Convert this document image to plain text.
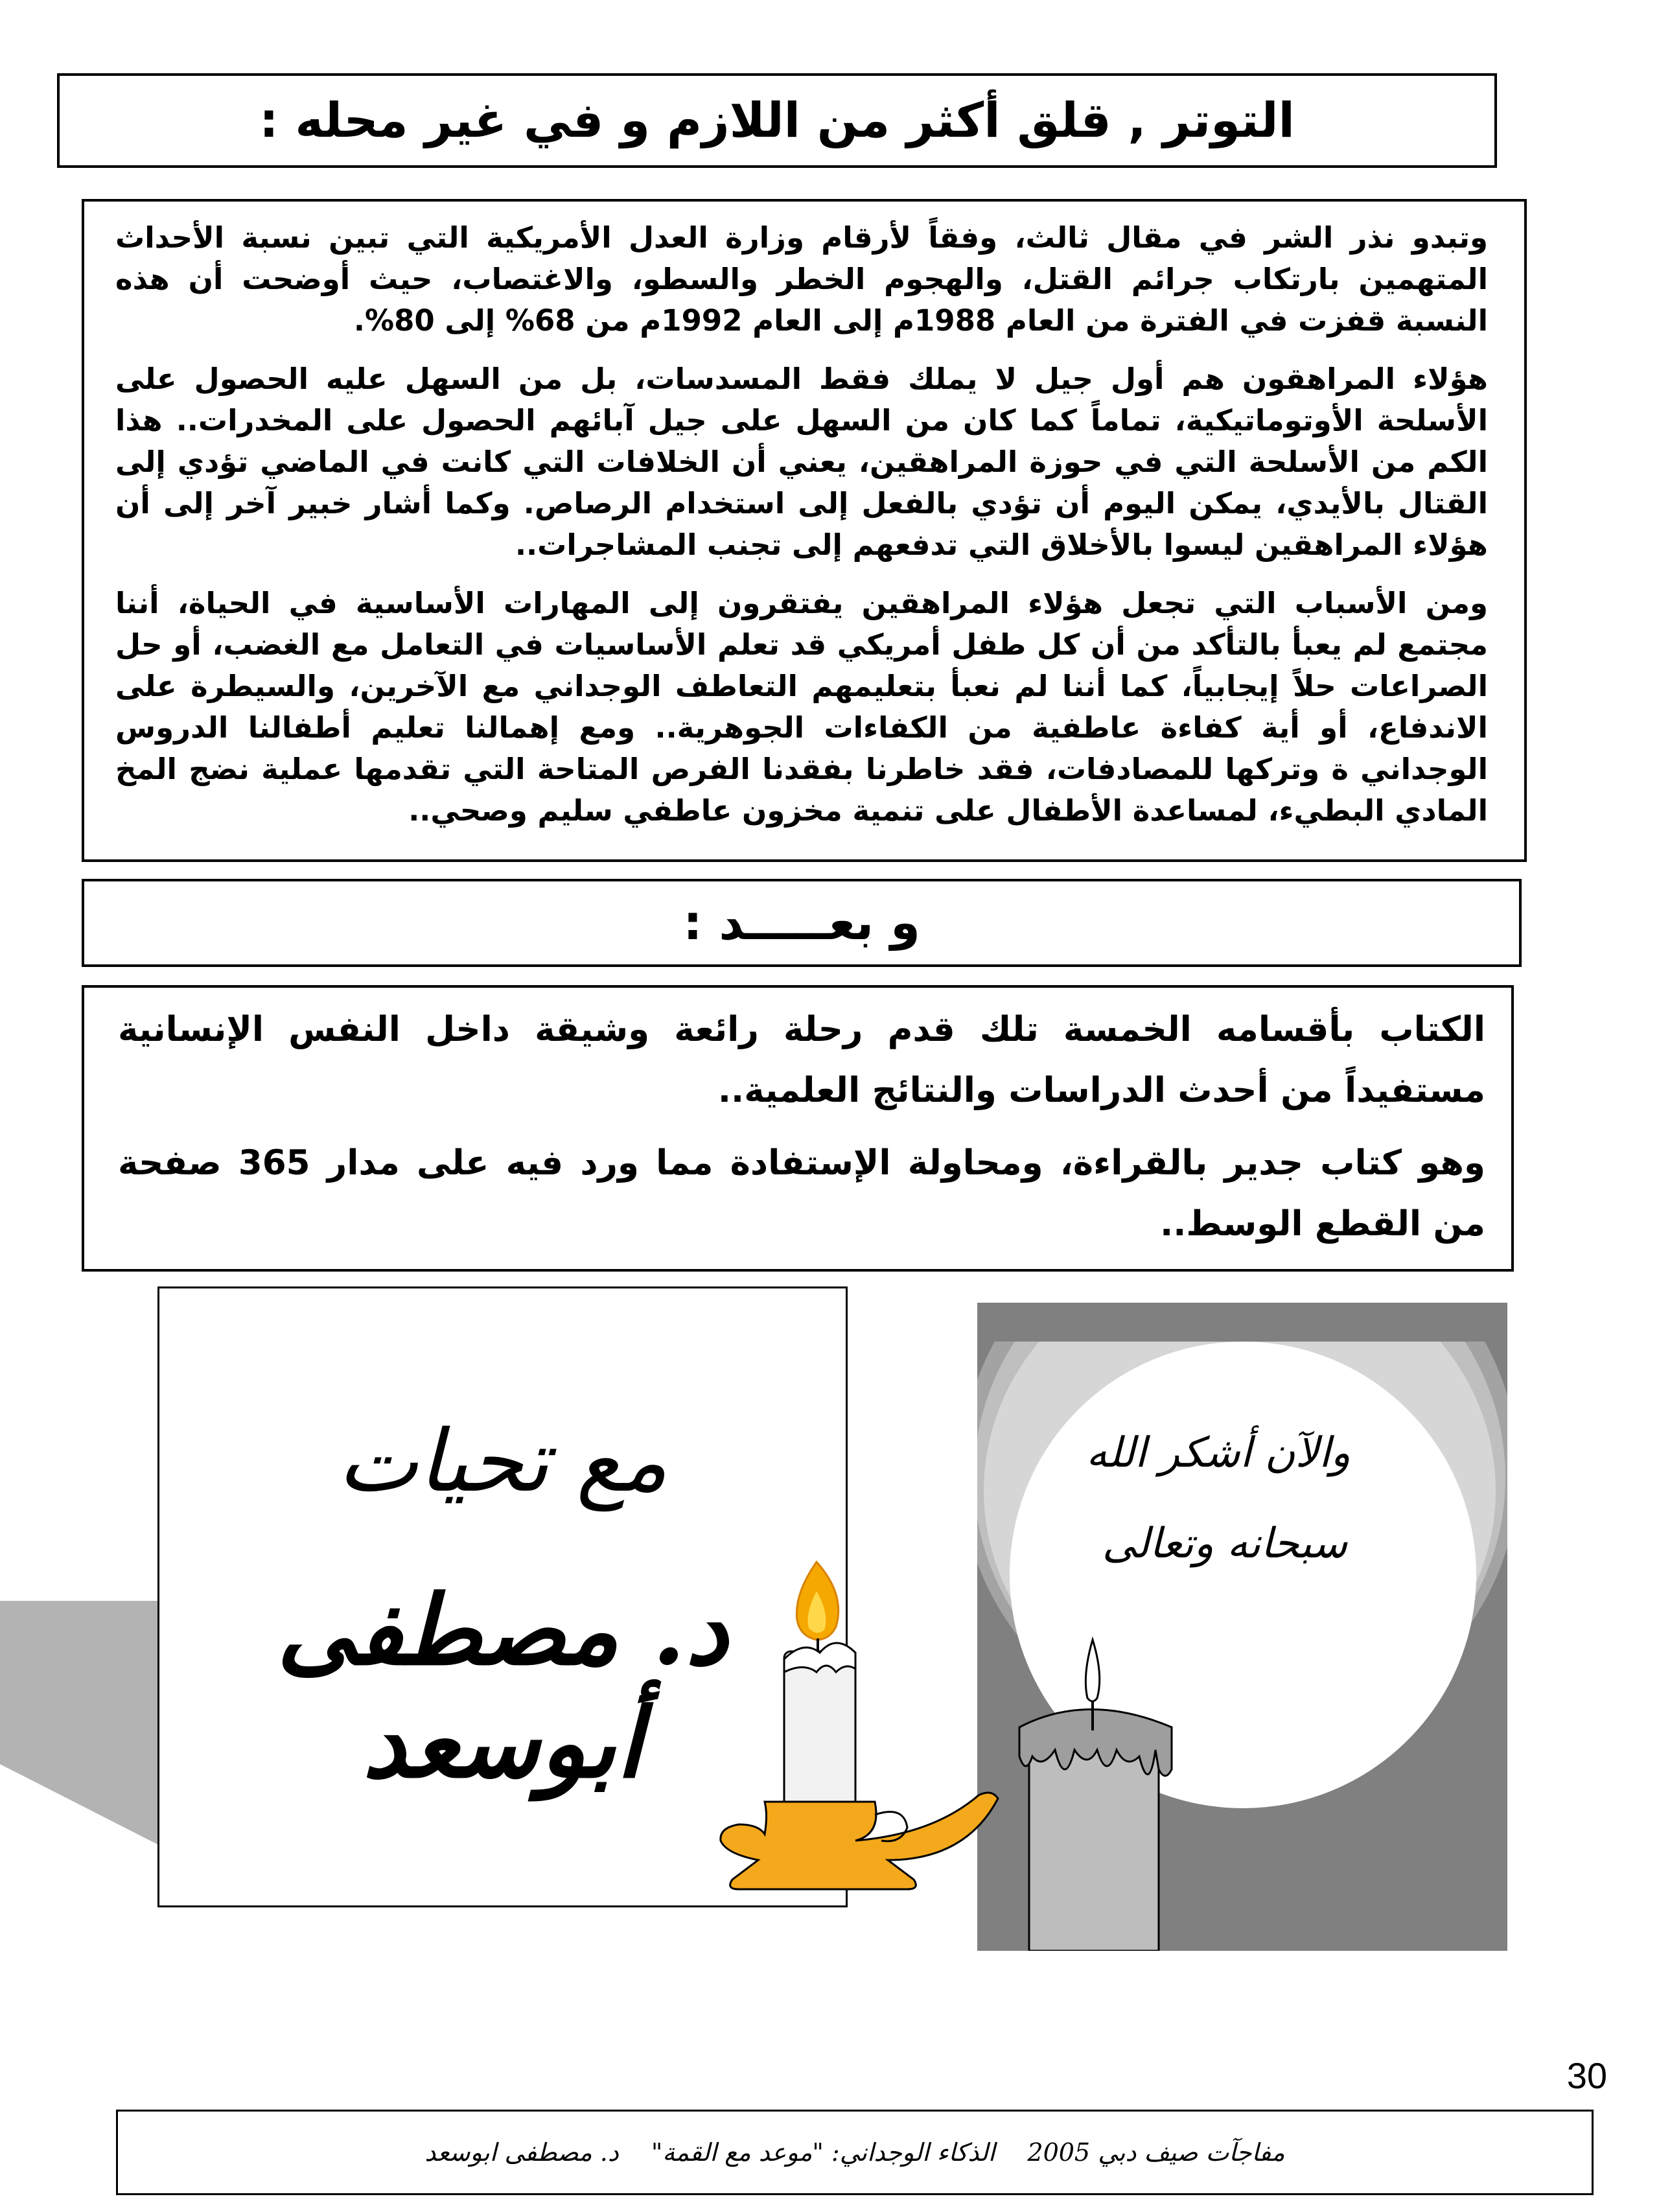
التوتر , قلق أكثر من اللازم و في غير محله :

وتبدو نذر الشر في مقال ثالث، وفقاً لأرقام وزارة العدل الأمريكية التي تبين نسبة الأحداث المتهمين بارتكاب جرائم القتل، والهجوم الخطر والسطو، والاغتصاب، حيث أوضحت أن هذه النسبة قفزت في الفترة من العام 1988م إلى العام 1992م من 68% إلى 80%.

هؤلاء المراهقون هم أول جيل لا يملك فقط المسدسات، بل من السهل عليه الحصول على الأسلحة الأوتوماتيكية، تماماً كما كان من السهل على جيل آبائهم الحصول على المخدرات.. هذا الكم من الأسلحة التي في حوزة المراهقين، يعني أن الخلافات التي كانت في الماضي تؤدي إلى القتال بالأيدي، يمكن اليوم أن تؤدي بالفعل إلى استخدام الرصاص. وكما أشار خبير آخر إلى أن هؤلاء المراهقين ليسوا بالأخلاق التي تدفعهم إلى تجنب المشاجرات..

ومن الأسباب التي تجعل هؤلاء المراهقين يفتقرون إلى المهارات الأساسية في الحياة، أننا مجتمع لم يعبأ بالتأكد من أن كل طفل أمريكي قد تعلم الأساسيات في التعامل مع الغضب، أو حل الصراعات حلاً إيجابياً، كما أننا لم نعبأ بتعليمهم التعاطف الوجداني مع الآخرين، والسيطرة على الاندفاع، أو أية كفاءة عاطفية من الكفاءات الجوهرية.. ومع إهمالنا تعليم أطفالنا الدروس الوجداني ة وتركها للمصادفات، فقد خاطرنا بفقدنا الفرص المتاحة التي تقدمها عملية نضج المخ المادي البطيء، لمساعدة الأطفال على تنمية مخزون عاطفي سليم وصحي..

و بعـــــد :

الكتاب بأقسامه الخمسة تلك قدم رحلة رائعة وشيقة داخل النفس الإنسانية مستفيداً من أحدث الدراسات والنتائج العلمية..

وهو كتاب جدير بالقراءة، ومحاولة الإستفادة مما ورد فيه على مدار 365 صفحة من القطع الوسط..

مع تحيات
د. مصطفى أبوسعد
والآن أشكر الله
سبحانه وتعالى
30
مفاجآت صيف دبي 2005
الذكاء الوجداني: "موعد مع القمة"
د. مصطفى ابوسعد
